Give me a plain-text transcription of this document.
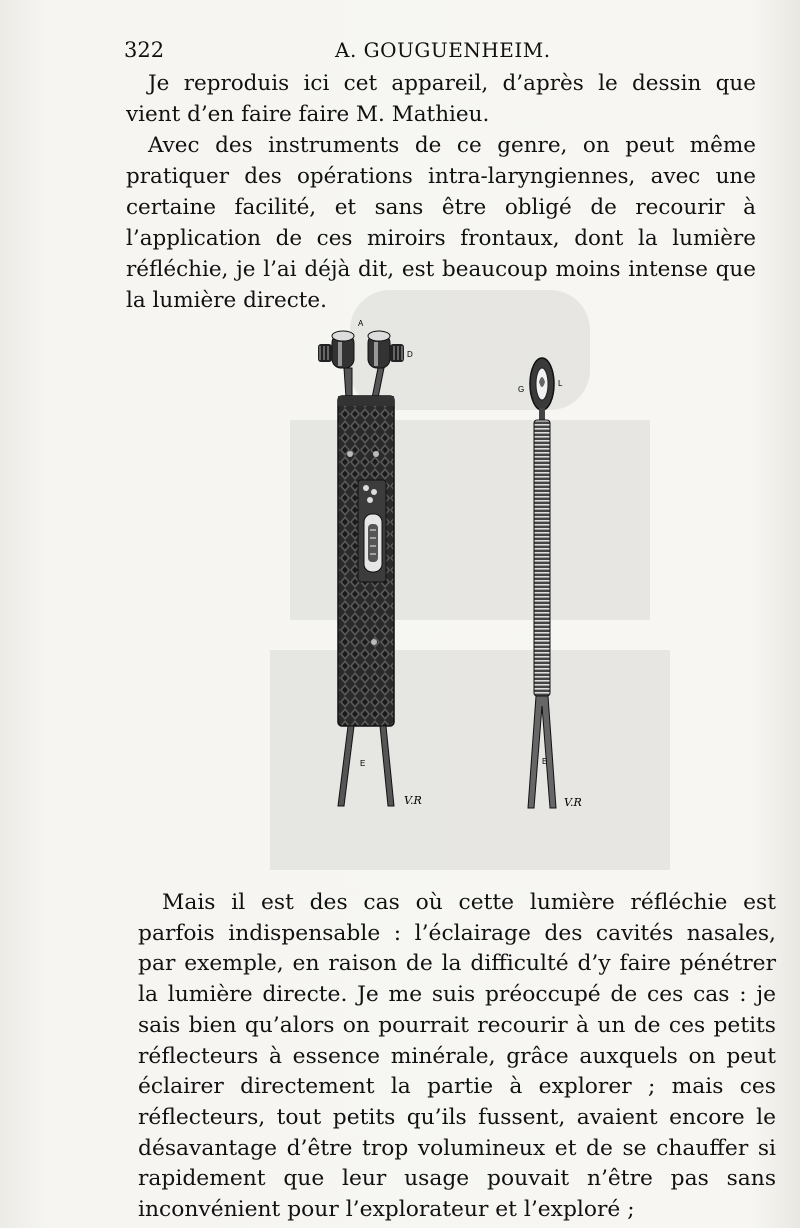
322	A. GOUGUENHEIM.

Je reproduis ici cet appareil, d’après le dessin que vient d’en faire faire M. Mathieu.

Avec des instruments de ce genre, on peut même pratiquer des opérations intra-laryngiennes, avec une certaine facilité, et sans être obligé de recourir à l’application de ces miroirs frontaux, dont la lumière réfléchie, je l’ai déjà dit, est beaucoup moins intense que la lumière directe.

A
D
E
V.R
G
L
E
V.R

Mais il est des cas où cette lumière réfléchie est parfois indispensable : l’éclairage des cavités nasales, par exemple, en raison de la difficulté d’y faire pénétrer la lumière directe. Je me suis préoccupé de ces cas : je sais bien qu’alors on pourrait recourir à un de ces petits réflecteurs à essence minérale, grâce auxquels on peut éclairer directement la partie à explorer ; mais ces réflecteurs, tout petits qu’ils fussent, avaient encore le désavantage d’être trop volumineux et de se chauffer si rapidement que leur usage pouvait n’être pas sans inconvénient pour l’explorateur et l’exploré ;
